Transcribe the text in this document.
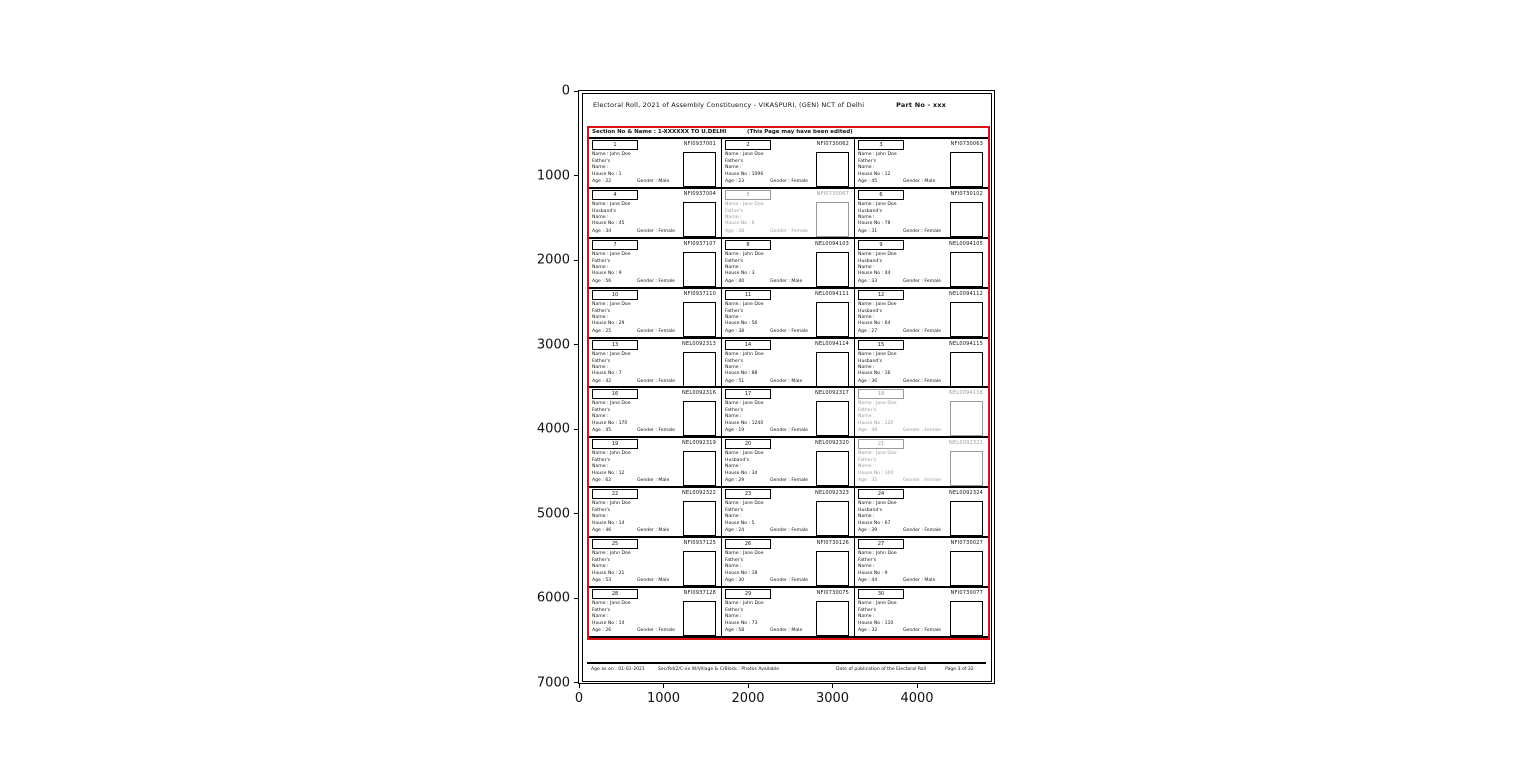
Electoral Roll, 2021 of Assembly Constituency - VIKASPURI, (GEN) NCT of Delhi	Part No - xxx
Section No & Name : 1-XXXXXX TO U.DELHI	(This Page may have been edited)
1	NFI0937001
Name : John Doe
Father's
Name :
House No : 1
Age : 22	Gender : Male
2	NFI0730062
Name : Jane Doe
Father's
Name :
House No : 1096
Age : 23	Gender : Female
3	NFI0730063
Name : John Doe
Father's
Name :
House No : 12
Age : 45	Gender : Male
4	NFI0937004
Name : Jane Doe
Husband's
Name :
House No : 45
Age : 34	Gender : Female
5	NFI0730067
Name : Jane Doe
Father's
Name :
House No : 6
Age : 28	Gender : Female
6	NFI0730102
Name : Jane Doe
Husband's
Name :
House No : 78
Age : 31	Gender : Female
7	NFI0937107
Name : Jane Doe
Father's
Name :
House No : 9
Age : 56	Gender : Female
8	NEL0094103
Name : John Doe
Father's
Name :
House No : 3
Age : 40	Gender : Male
9	NEL0094105
Name : Jane Doe
Husband's
Name :
House No : 44
Age : 33	Gender : Female
10	NFI0937110
Name : Jane Doe
Father's
Name :
House No : 29
Age : 25	Gender : Female
11	NEL0094111
Name : Jane Doe
Father's
Name :
House No : 56
Age : 38	Gender : Female
12	NEL0094112
Name : Jane Doe
Husband's
Name :
House No : 64
Age : 27	Gender : Female
13	NEL0092313
Name : Jane Doe
Father's
Name :
House No : 7
Age : 42	Gender : Female
14	NEL0094114
Name : John Doe
Father's
Name :
House No : 88
Age : 51	Gender : Male
15	NEL0094115
Name : Jane Doe
Husband's
Name :
House No : 16
Age : 36	Gender : Female
16	NEL0092316
Name : Jane Doe
Father's
Name :
House No : 170
Age : 45	Gender : Female
17	NEL0092317
Name : Jane Doe
Father's
Name :
House No : 1240
Age : 19	Gender : Female
18	NEL0094118
Name : Jane Doe
Father's
Name :
House No : 120
Age : 48	Gender : Female
19	NEL0092319
Name : John Doe
Father's
Name :
House No : 12
Age : 62	Gender : Male
20	NEL0092320
Name : Jane Doe
Husband's
Name :
House No : 34
Age : 29	Gender : Female
21	NEL0092321
Name : Jane Doe
Father's
Name :
House No : 104
Age : 35	Gender : Female
22	NEL0092322
Name : John Doe
Father's
Name :
House No : 14
Age : 46	Gender : Male
23	NEL0092323
Name : Jane Doe
Father's
Name :
House No : 5
Age : 24	Gender : Female
24	NEL0092324
Name : Jane Doe
Husband's
Name :
House No : 67
Age : 39	Gender : Female
25	NFI0937125
Name : John Doe
Father's
Name :
House No : 21
Age : 53	Gender : Male
26	NFI0730126
Name : Jane Doe
Father's
Name :
House No : 18
Age : 30	Gender : Female
27	NFI0730027
Name : John Doe
Father's
Name :
House No : 9
Age : 44	Gender : Male
28	NFI0937128
Name : Jane Doe
Father's
Name :
House No : 14
Age : 26	Gender : Female
29	NFI0730075
Name : John Doe
Father's
Name :
House No : 73
Age : 58	Gender : Male
30	NFI0730077
Name : Jane Doe
Father's
Name :
House No : 110
Age : 32	Gender : Female
Age as on : 01-01-2021	Sec/Rd/2/C-xx W/Village & C/Block : Photos Available	Date of publication of the Electoral Roll	Page 3 of 32
0
1000
2000
3000
4000
5000
6000
7000
0	1000	2000	3000	4000
